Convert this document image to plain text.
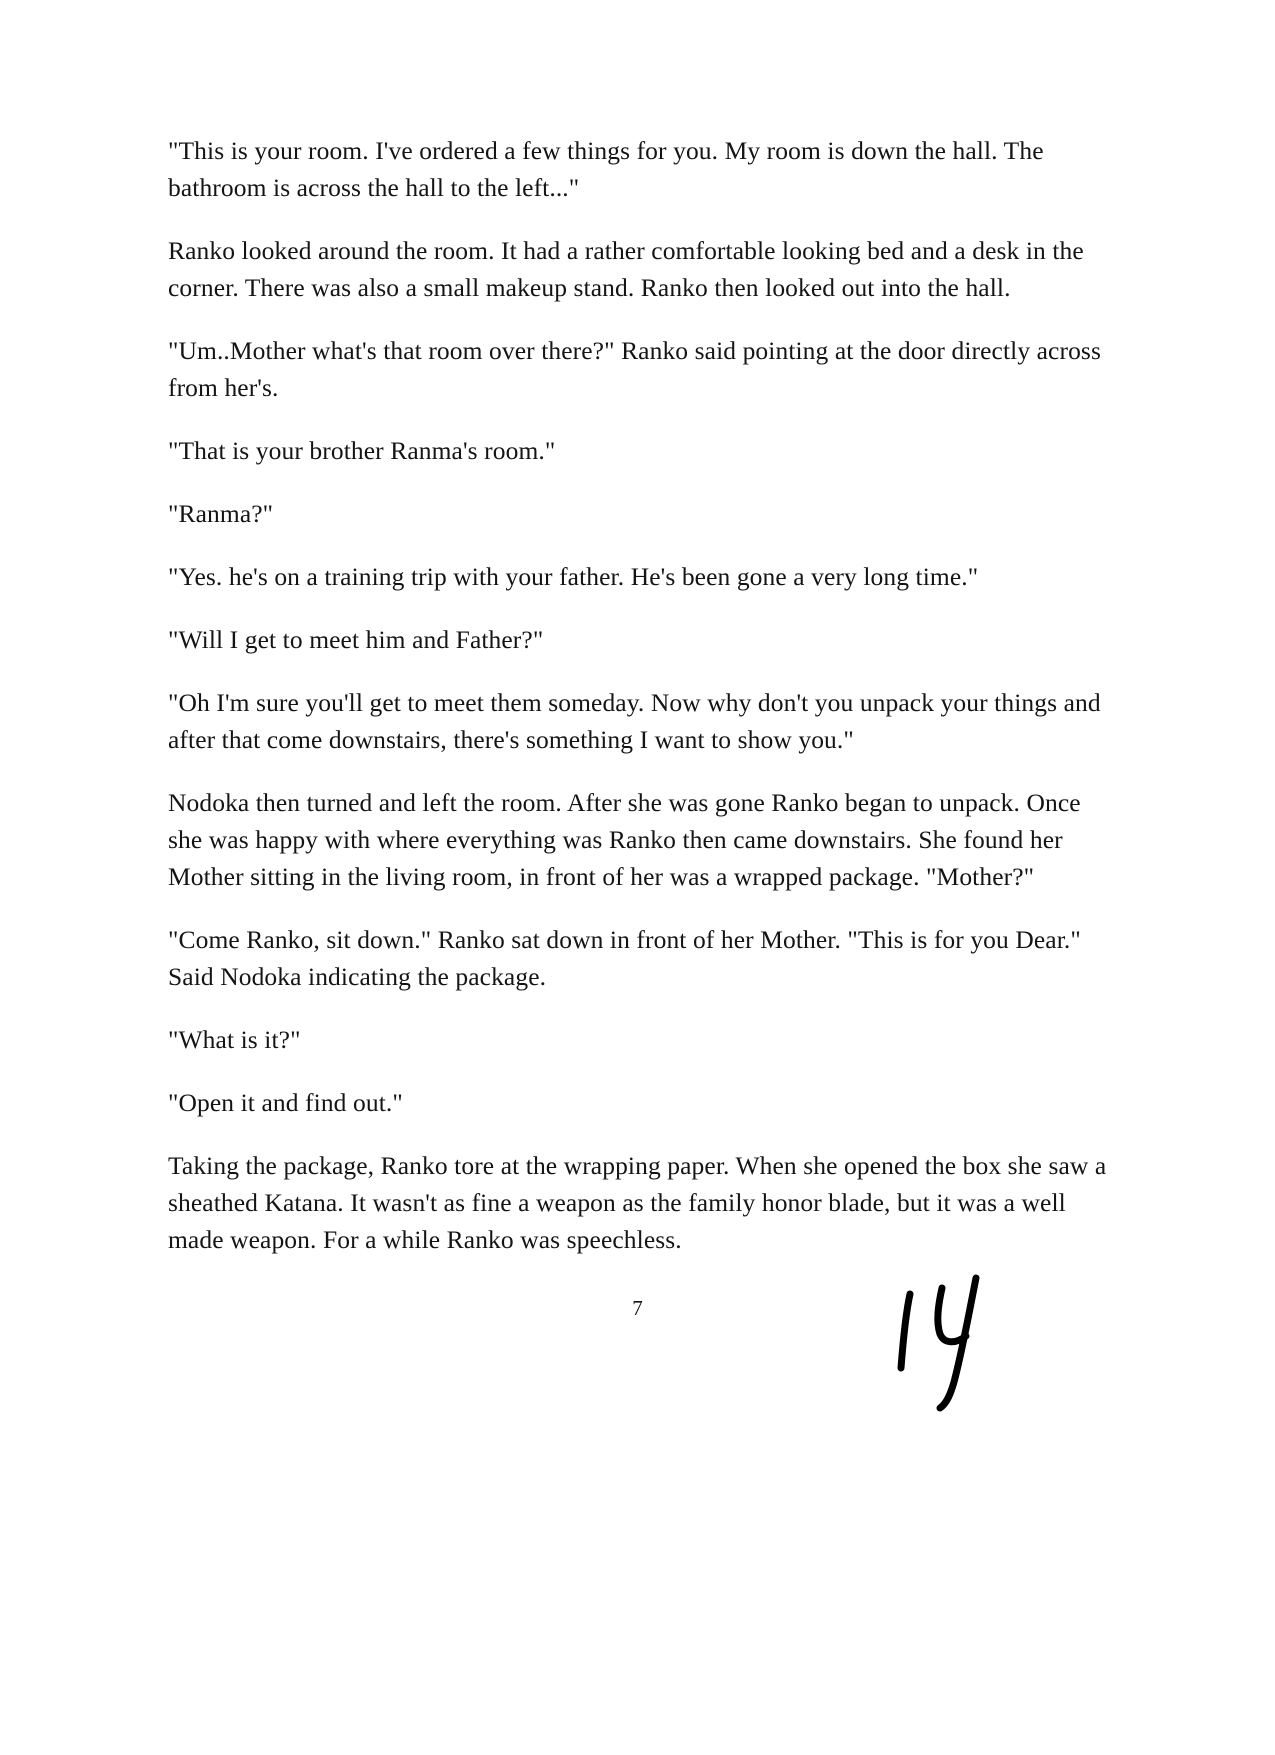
"This is your room. I've ordered a few things for you. My room is down the hall. The bathroom is across the hall to the left..."

Ranko looked around the room. It had a rather comfortable looking bed and a desk in the corner. There was also a small makeup stand. Ranko then looked out into the hall.

"Um..Mother what's that room over there?" Ranko said pointing at the door directly across from her's.

"That is your brother Ranma's room."

"Ranma?"

"Yes. he's on a training trip with your father. He's been gone a very long time."

"Will I get to meet him and Father?"

"Oh I'm sure you'll get to meet them someday. Now why don't you unpack your things and after that come downstairs, there's something I want to show you."

Nodoka then turned and left the room. After she was gone Ranko began to unpack. Once she was happy with where everything was Ranko then came downstairs. She found her Mother sitting in the living room, in front of her was a wrapped package. "Mother?"

"Come Ranko, sit down." Ranko sat down in front of her Mother. "This is for you Dear." Said Nodoka indicating the package.

"What is it?"

"Open it and find out."

Taking the package, Ranko tore at the wrapping paper. When she opened the box she saw a sheathed Katana. It wasn't as fine a weapon as the family honor blade, but it was a well made weapon. For a while Ranko was speechless.

7
